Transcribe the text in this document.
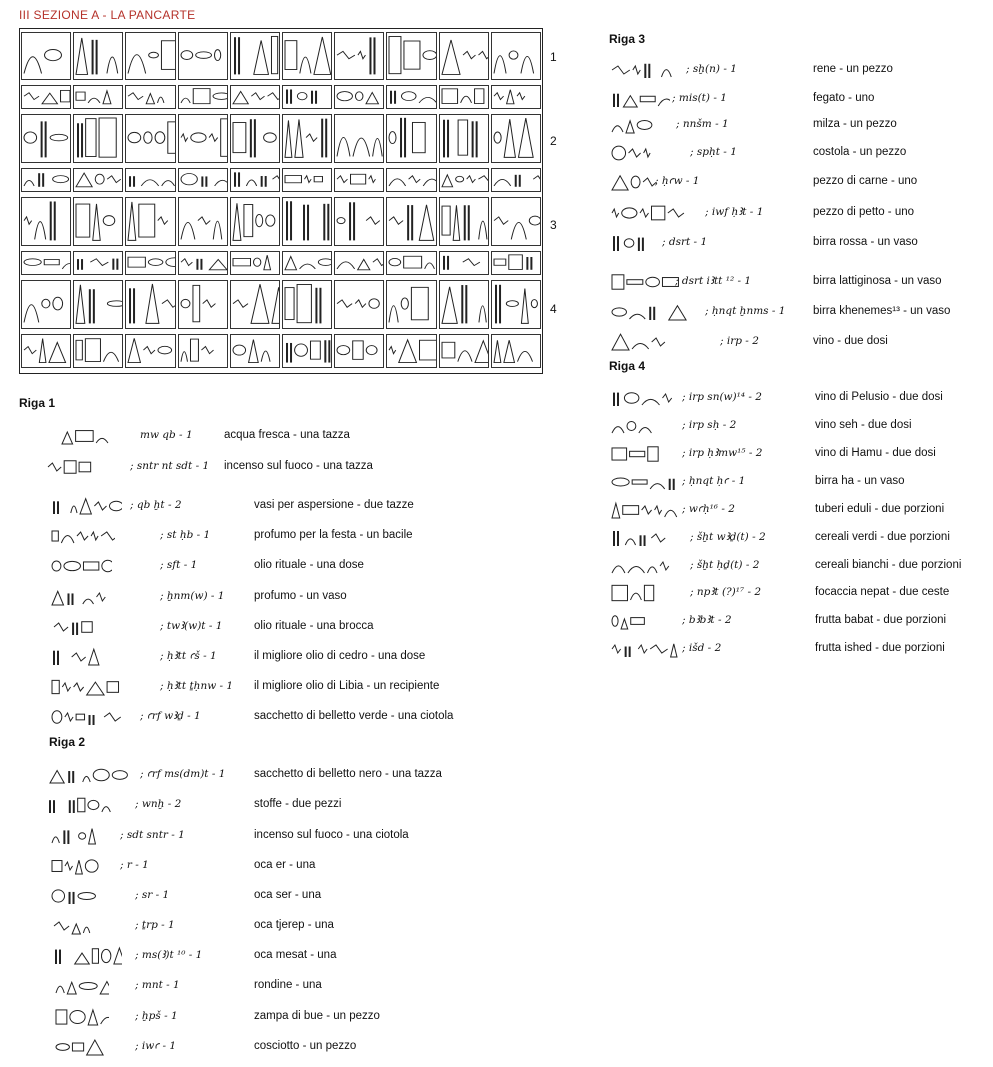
III SEZIONE A - LA PANCARTE
1
2
3
4
Riga 1
mw qb - 1	acqua fresca - una tazza
; sntr nt sdt - 1 incenso sul fuoco - una tazza
; qb ḫt - 2	vasi per aspersione - due tazze
; st ḥb - 1	profumo per la festa - un bacile
; sft - 1	olio rituale - una dose
; ḫnm(w) - 1	profumo - un vaso
; twꜢ(w)t - 1	olio rituale - una brocca
; ḥꜢtt ꜥš - 1	il migliore olio di cedro - una dose
; ḥꜢtt ṯḥnw - 1 il migliore olio di Libia - un recipiente
; ꜥrf wꜢḏ - 1	sacchetto di belletto verde - una ciotola
Riga 2
; ꜥrf ms(dm)t - 1 sacchetto di belletto nero - una tazza
; wnḫ - 2	stoffe - due pezzi
; sdt sntr - 1	incenso sul fuoco - una ciotola
; r - 1	oca er - una
; sr - 1	oca ser - una
; ṯrp - 1	oca tjerep - una
; ms(Ꜣ)t ¹⁰ - 1	oca mesat - una
; mnt - 1	rondine - una
; ḫpš - 1	zampa di bue - un pezzo
; iwꜥ - 1	cosciotto - un pezzo
Riga 3
; sḫ(n) - 1	rene - un pezzo
; mis(t) - 1	fegato - uno
; nnšm - 1	milza - un pezzo
; spḥt - 1	costola - un pezzo
; ḥꜥw - 1	pezzo di carne - uno
; iwf ḥꜢt - 1	pezzo di petto - uno
; dsrt - 1	birra rossa - un vaso
; dsrt iꜢtt ¹² - 1	birra lattiginosa - un vaso
; ḥnqt ḫnms - 1 birra khenemes¹³ - un vaso
; irp - 2	vino - due dosi
Riga 4
; irp sn(w)¹⁴ - 2	vino di Pelusio - due dosi
; irp sḥ - 2	vino seh - due dosi
; irp ḥꜢmw¹⁵ - 2	vino di Hamu - due dosi
; ḥnqt ḥꜥ - 1	birra ha - un vaso
; wꜥḥ¹⁶ - 2	tuberi eduli - due porzioni
; šḫt wꜢḏ(t) - 2	cereali verdi - due porzioni
; šḫt ḥḏ(t) - 2	cereali bianchi - due porzioni
; npꜢt (?)¹⁷ - 2	focaccia nepat - due ceste
; bꜢbꜢt - 2	frutta babat - due porzioni
; išd - 2	frutta ished - due porzioni
